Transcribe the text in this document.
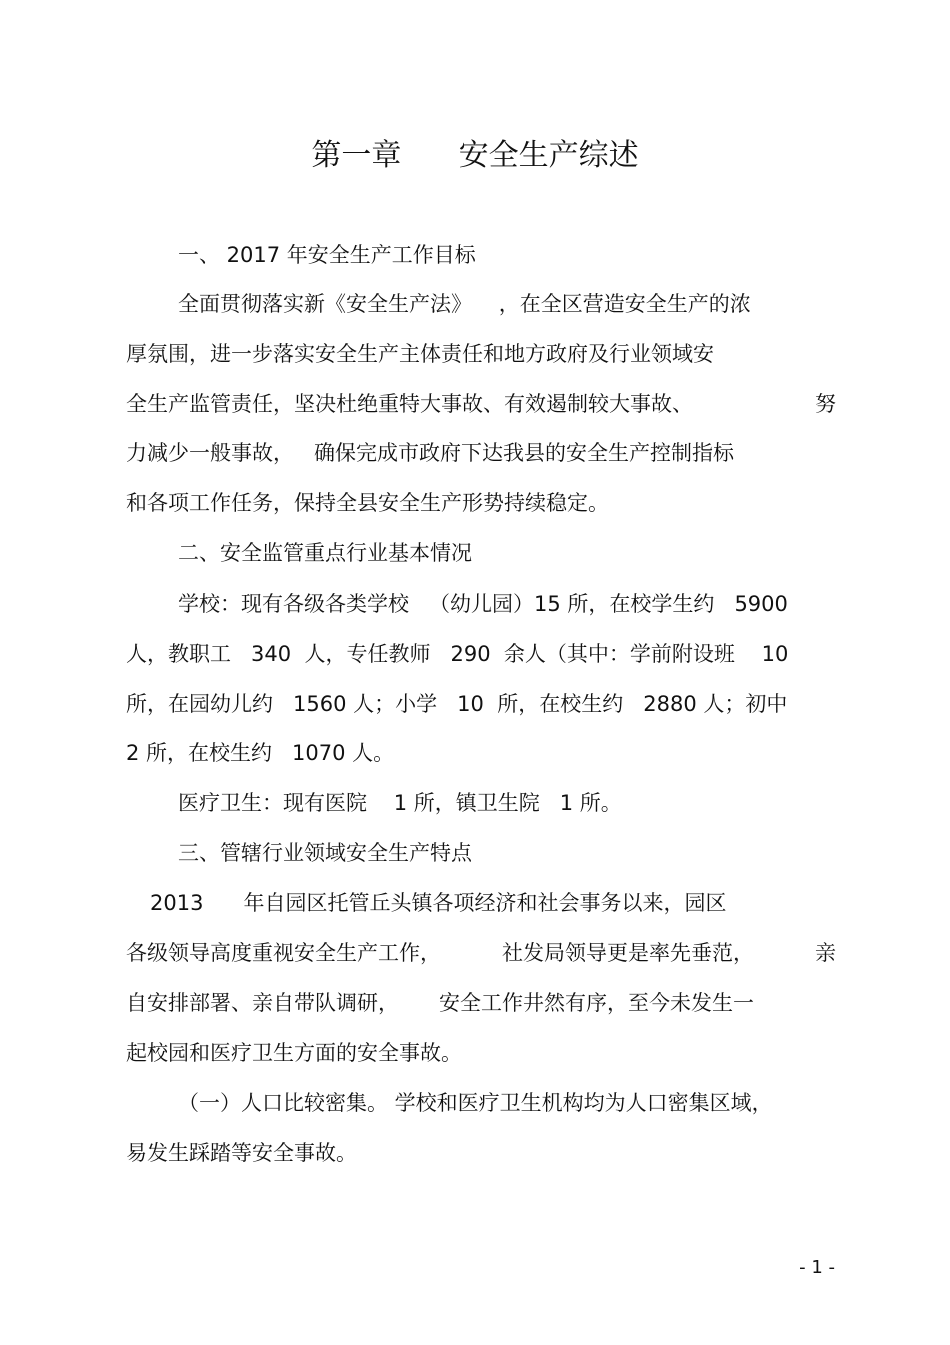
第一章      安全生产综述
一、 2017 年安全生产工作目标
全面贯彻落实新《安全生产法》    ，在全区营造安全生产的浓
厚氛围，进一步落实安全生产主体责任和地方政府及行业领域安
全生产监管责任，坚决杜绝重特大事故、有效遏制较大事故、	努
力减少一般事故，   确保完成市政府下达我县的安全生产控制指标
和各项工作任务，保持全县安全生产形势持续稳定。
二、安全监管重点行业基本情况
学校：现有各级各类学校   （幼儿园）15 所，在校学生约   5900
人，教职工   340  人，专任教师   290  余人（其中：学前附设班    10
所，在园幼儿约   1560 人；小学   10  所，在校生约   2880 人；初中
2 所，在校生约   1070 人。
医疗卫生：现有医院    1 所，镇卫生院   1 所。
三、管辖行业领域安全生产特点
2013      年自园区托管丘头镇各项经济和社会事务以来，园区
各级领导高度重视安全生产工作，	社发局领导更是率先垂范，	亲
自安排部署、亲自带队调研，      安全工作井然有序，至今未发生一
起校园和医疗卫生方面的安全事故。
（一）人口比较密集。 学校和医疗卫生机构均为人口密集区域，
易发生踩踏等安全事故。
- 1 -
